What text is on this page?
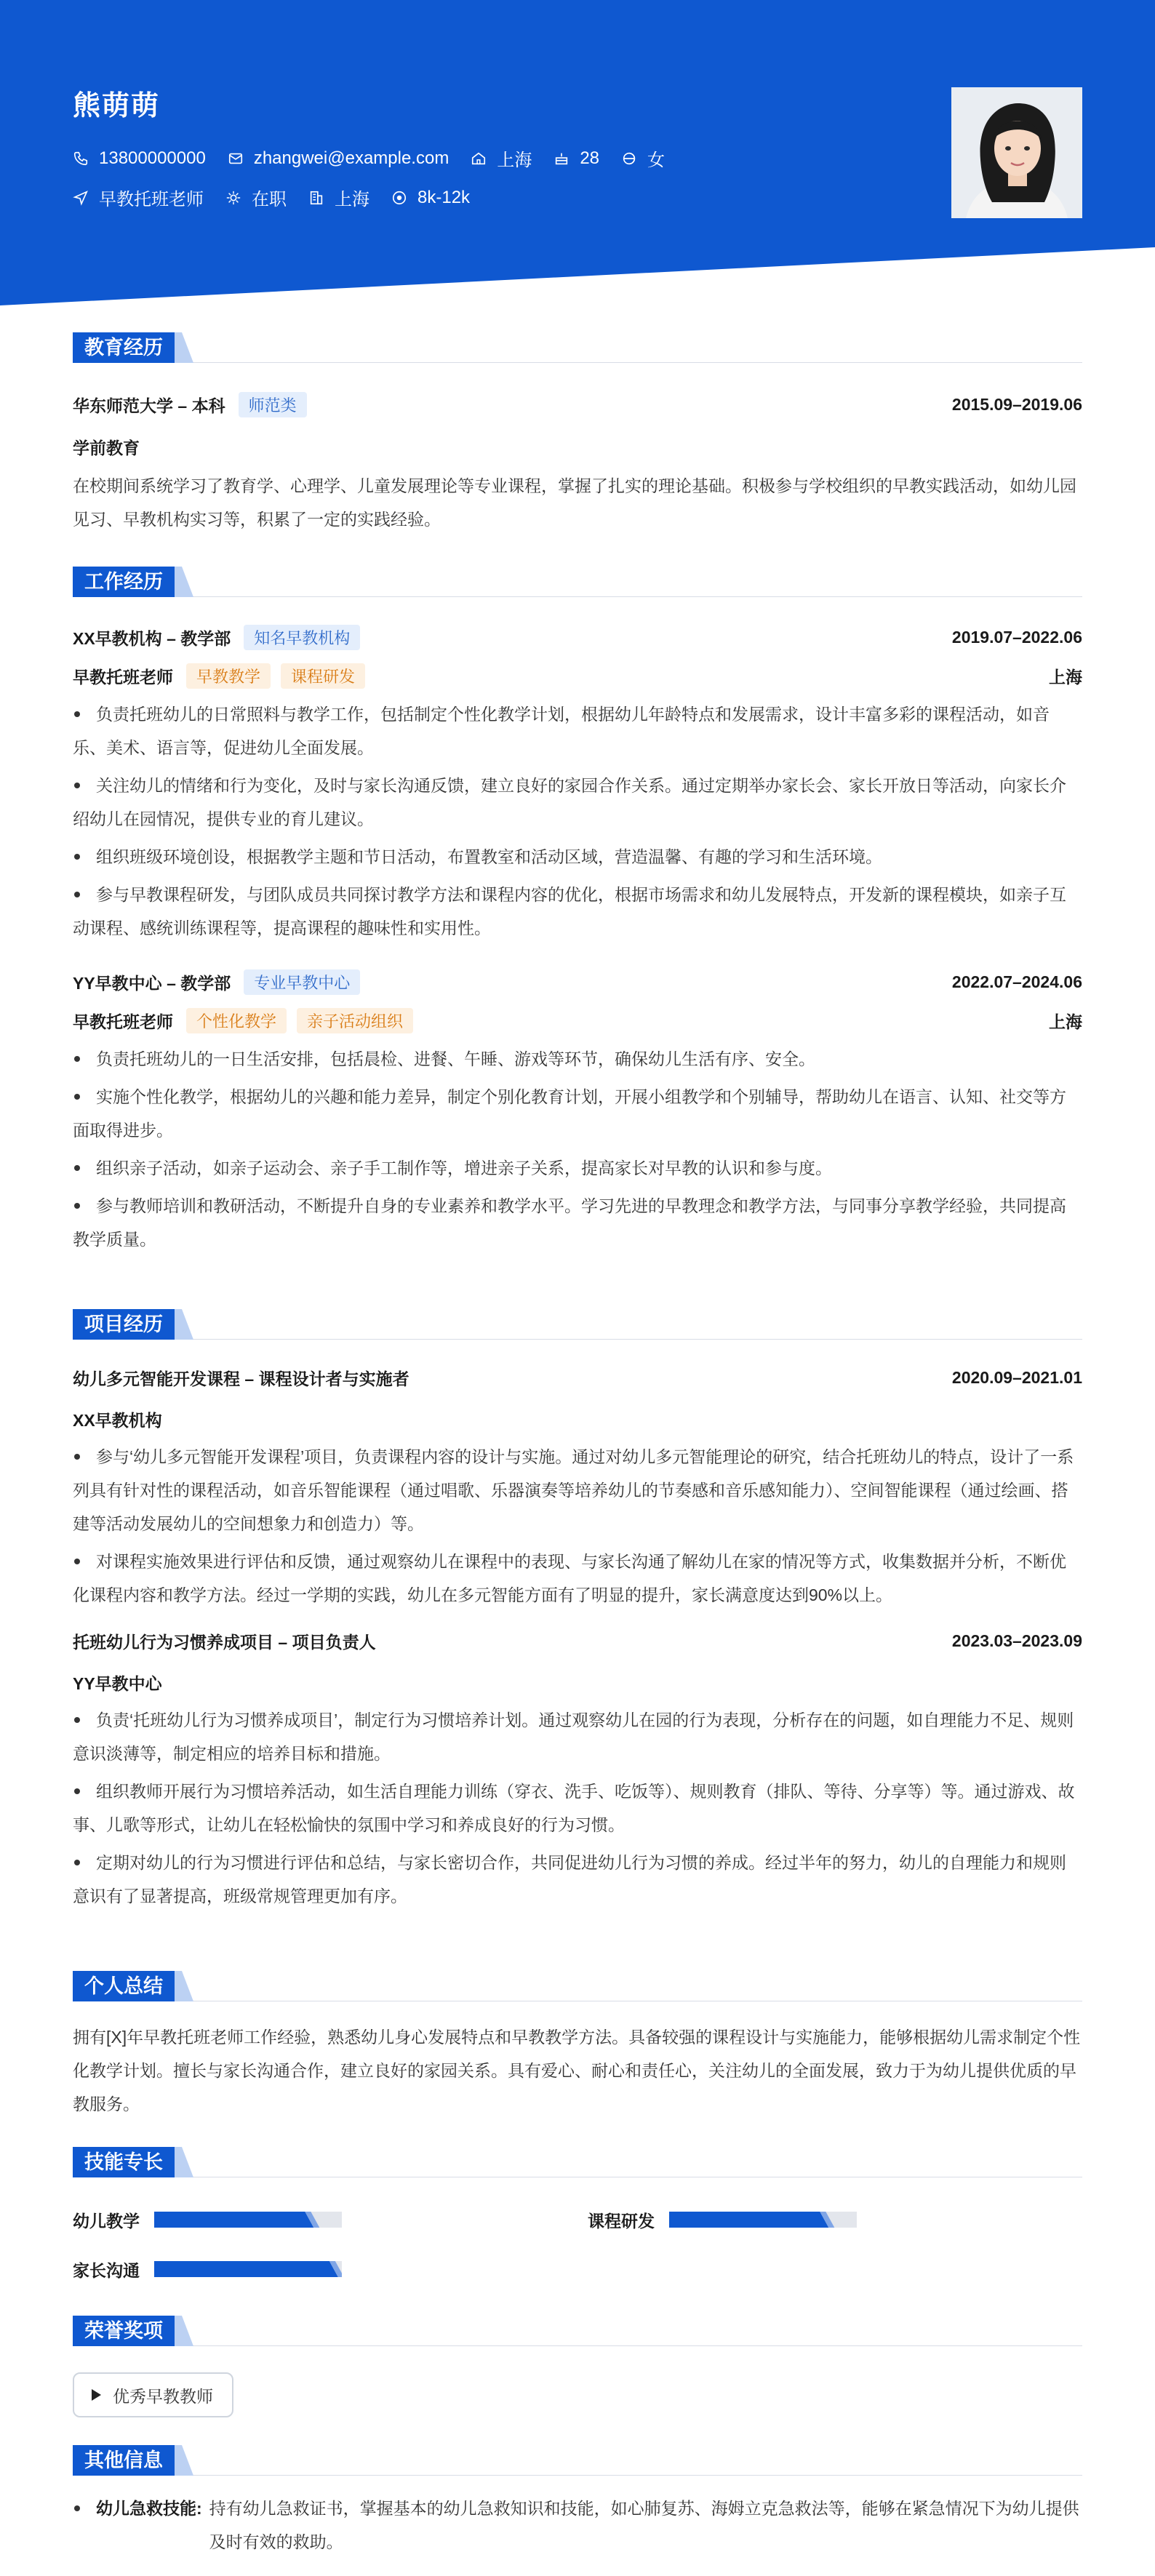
熊萌萌
13800000000	zhangwei@example.com	上海	28	女
早教托班老师	在职	上海	8k-12k
教育经历
华东师范大学 – 本科	师范类	2015.09–2019.06
学前教育
在校期间系统学习了教育学、心理学、儿童发展理论等专业课程，掌握了扎实的理论基础。积极参与学校组织的早教实践活动，如幼儿园见习、早教机构实习等，积累了一定的实践经验。
工作经历
XX早教机构 – 教学部	知名早教机构	2019.07–2022.06
早教托班老师	早教教学	课程研发	上海
负责托班幼儿的日常照料与教学工作，包括制定个性化教学计划，根据幼儿年龄特点和发展需求，设计丰富多彩的课程活动，如音乐、美术、语言等，促进幼儿全面发展。
关注幼儿的情绪和行为变化，及时与家长沟通反馈，建立良好的家园合作关系。通过定期举办家长会、家长开放日等活动，向家长介绍幼儿在园情况，提供专业的育儿建议。
组织班级环境创设，根据教学主题和节日活动，布置教室和活动区域，营造温馨、有趣的学习和生活环境。
参与早教课程研发，与团队成员共同探讨教学方法和课程内容的优化，根据市场需求和幼儿发展特点，开发新的课程模块，如亲子互动课程、感统训练课程等，提高课程的趣味性和实用性。
YY早教中心 – 教学部	专业早教中心	2022.07–2024.06
早教托班老师	个性化教学	亲子活动组织	上海
负责托班幼儿的一日生活安排，包括晨检、进餐、午睡、游戏等环节，确保幼儿生活有序、安全。
实施个性化教学，根据幼儿的兴趣和能力差异，制定个别化教育计划，开展小组教学和个别辅导，帮助幼儿在语言、认知、社交等方面取得进步。
组织亲子活动，如亲子运动会、亲子手工制作等，增进亲子关系，提高家长对早教的认识和参与度。
参与教师培训和教研活动，不断提升自身的专业素养和教学水平。学习先进的早教理念和教学方法，与同事分享教学经验，共同提高教学质量。
项目经历
幼儿多元智能开发课程 – 课程设计者与实施者	2020.09–2021.01
XX早教机构
参与‘幼儿多元智能开发课程’项目，负责课程内容的设计与实施。通过对幼儿多元智能理论的研究，结合托班幼儿的特点，设计了一系列具有针对性的课程活动，如音乐智能课程（通过唱歌、乐器演奏等培养幼儿的节奏感和音乐感知能力）、空间智能课程（通过绘画、搭建等活动发展幼儿的空间想象力和创造力）等。
对课程实施效果进行评估和反馈，通过观察幼儿在课程中的表现、与家长沟通了解幼儿在家的情况等方式，收集数据并分析，不断优化课程内容和教学方法。经过一学期的实践，幼儿在多元智能方面有了明显的提升，家长满意度达到90%以上。
托班幼儿行为习惯养成项目 – 项目负责人	2023.03–2023.09
YY早教中心
负责‘托班幼儿行为习惯养成项目’，制定行为习惯培养计划。通过观察幼儿在园的行为表现，分析存在的问题，如自理能力不足、规则意识淡薄等，制定相应的培养目标和措施。
组织教师开展行为习惯培养活动，如生活自理能力训练（穿衣、洗手、吃饭等）、规则教育（排队、等待、分享等）等。通过游戏、故事、儿歌等形式，让幼儿在轻松愉快的氛围中学习和养成良好的行为习惯。
定期对幼儿的行为习惯进行评估和总结，与家长密切合作，共同促进幼儿行为习惯的养成。经过半年的努力，幼儿的自理能力和规则意识有了显著提高，班级常规管理更加有序。
个人总结
拥有[X]年早教托班老师工作经验，熟悉幼儿身心发展特点和早教教学方法。具备较强的课程设计与实施能力，能够根据幼儿需求制定个性化教学计划。擅长与家长沟通合作，建立良好的家园关系。具有爱心、耐心和责任心，关注幼儿的全面发展，致力于为幼儿提供优质的早教服务。
技能专长
幼儿教学	课程研发
家长沟通
荣誉奖项
优秀早教教师
其他信息
幼儿急救技能: 持有幼儿急救证书，掌握基本的幼儿急救知识和技能，如心肺复苏、海姆立克急救法等，能够在紧急情况下为幼儿提供及时有效的救助。
